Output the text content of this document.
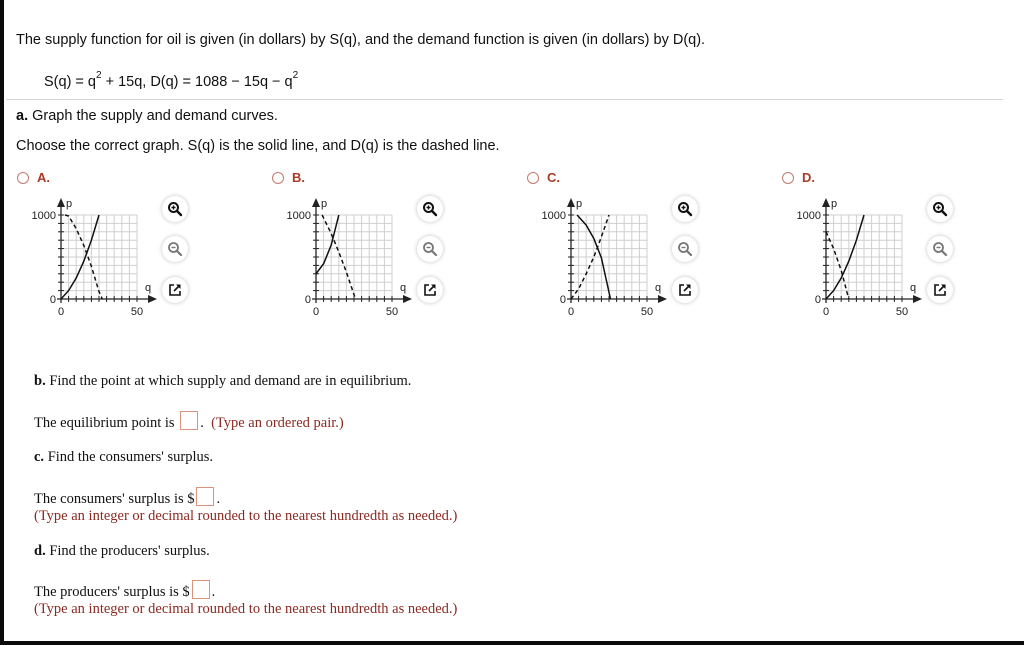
The supply function for oil is given (in dollars) by S(q), and the demand function is given (in dollars) by D(q).
$S(q) = q^2 + 15q$, $D(q) = 1088 - 15q - q^2$
a. Graph the supply and demand curves.
Choose the correct graph. S(q) is the solid line, and D(q) is the dashed line.
A.
p
q
1000
0
0	50
B.
p
q
1000
0
0	50
C.
p
q
1000
0
0	50
D.
p
q
1000
0
0	50
b. Find the point at which supply and demand are in equilibrium.
The equilibrium point is . (Type an ordered pair.)
c. Find the consumers' surplus.
The consumers' surplus is $ .
(Type an integer or decimal rounded to the nearest hundredth as needed.)
d. Find the producers' surplus.
The producers' surplus is $ .
(Type an integer or decimal rounded to the nearest hundredth as needed.)
